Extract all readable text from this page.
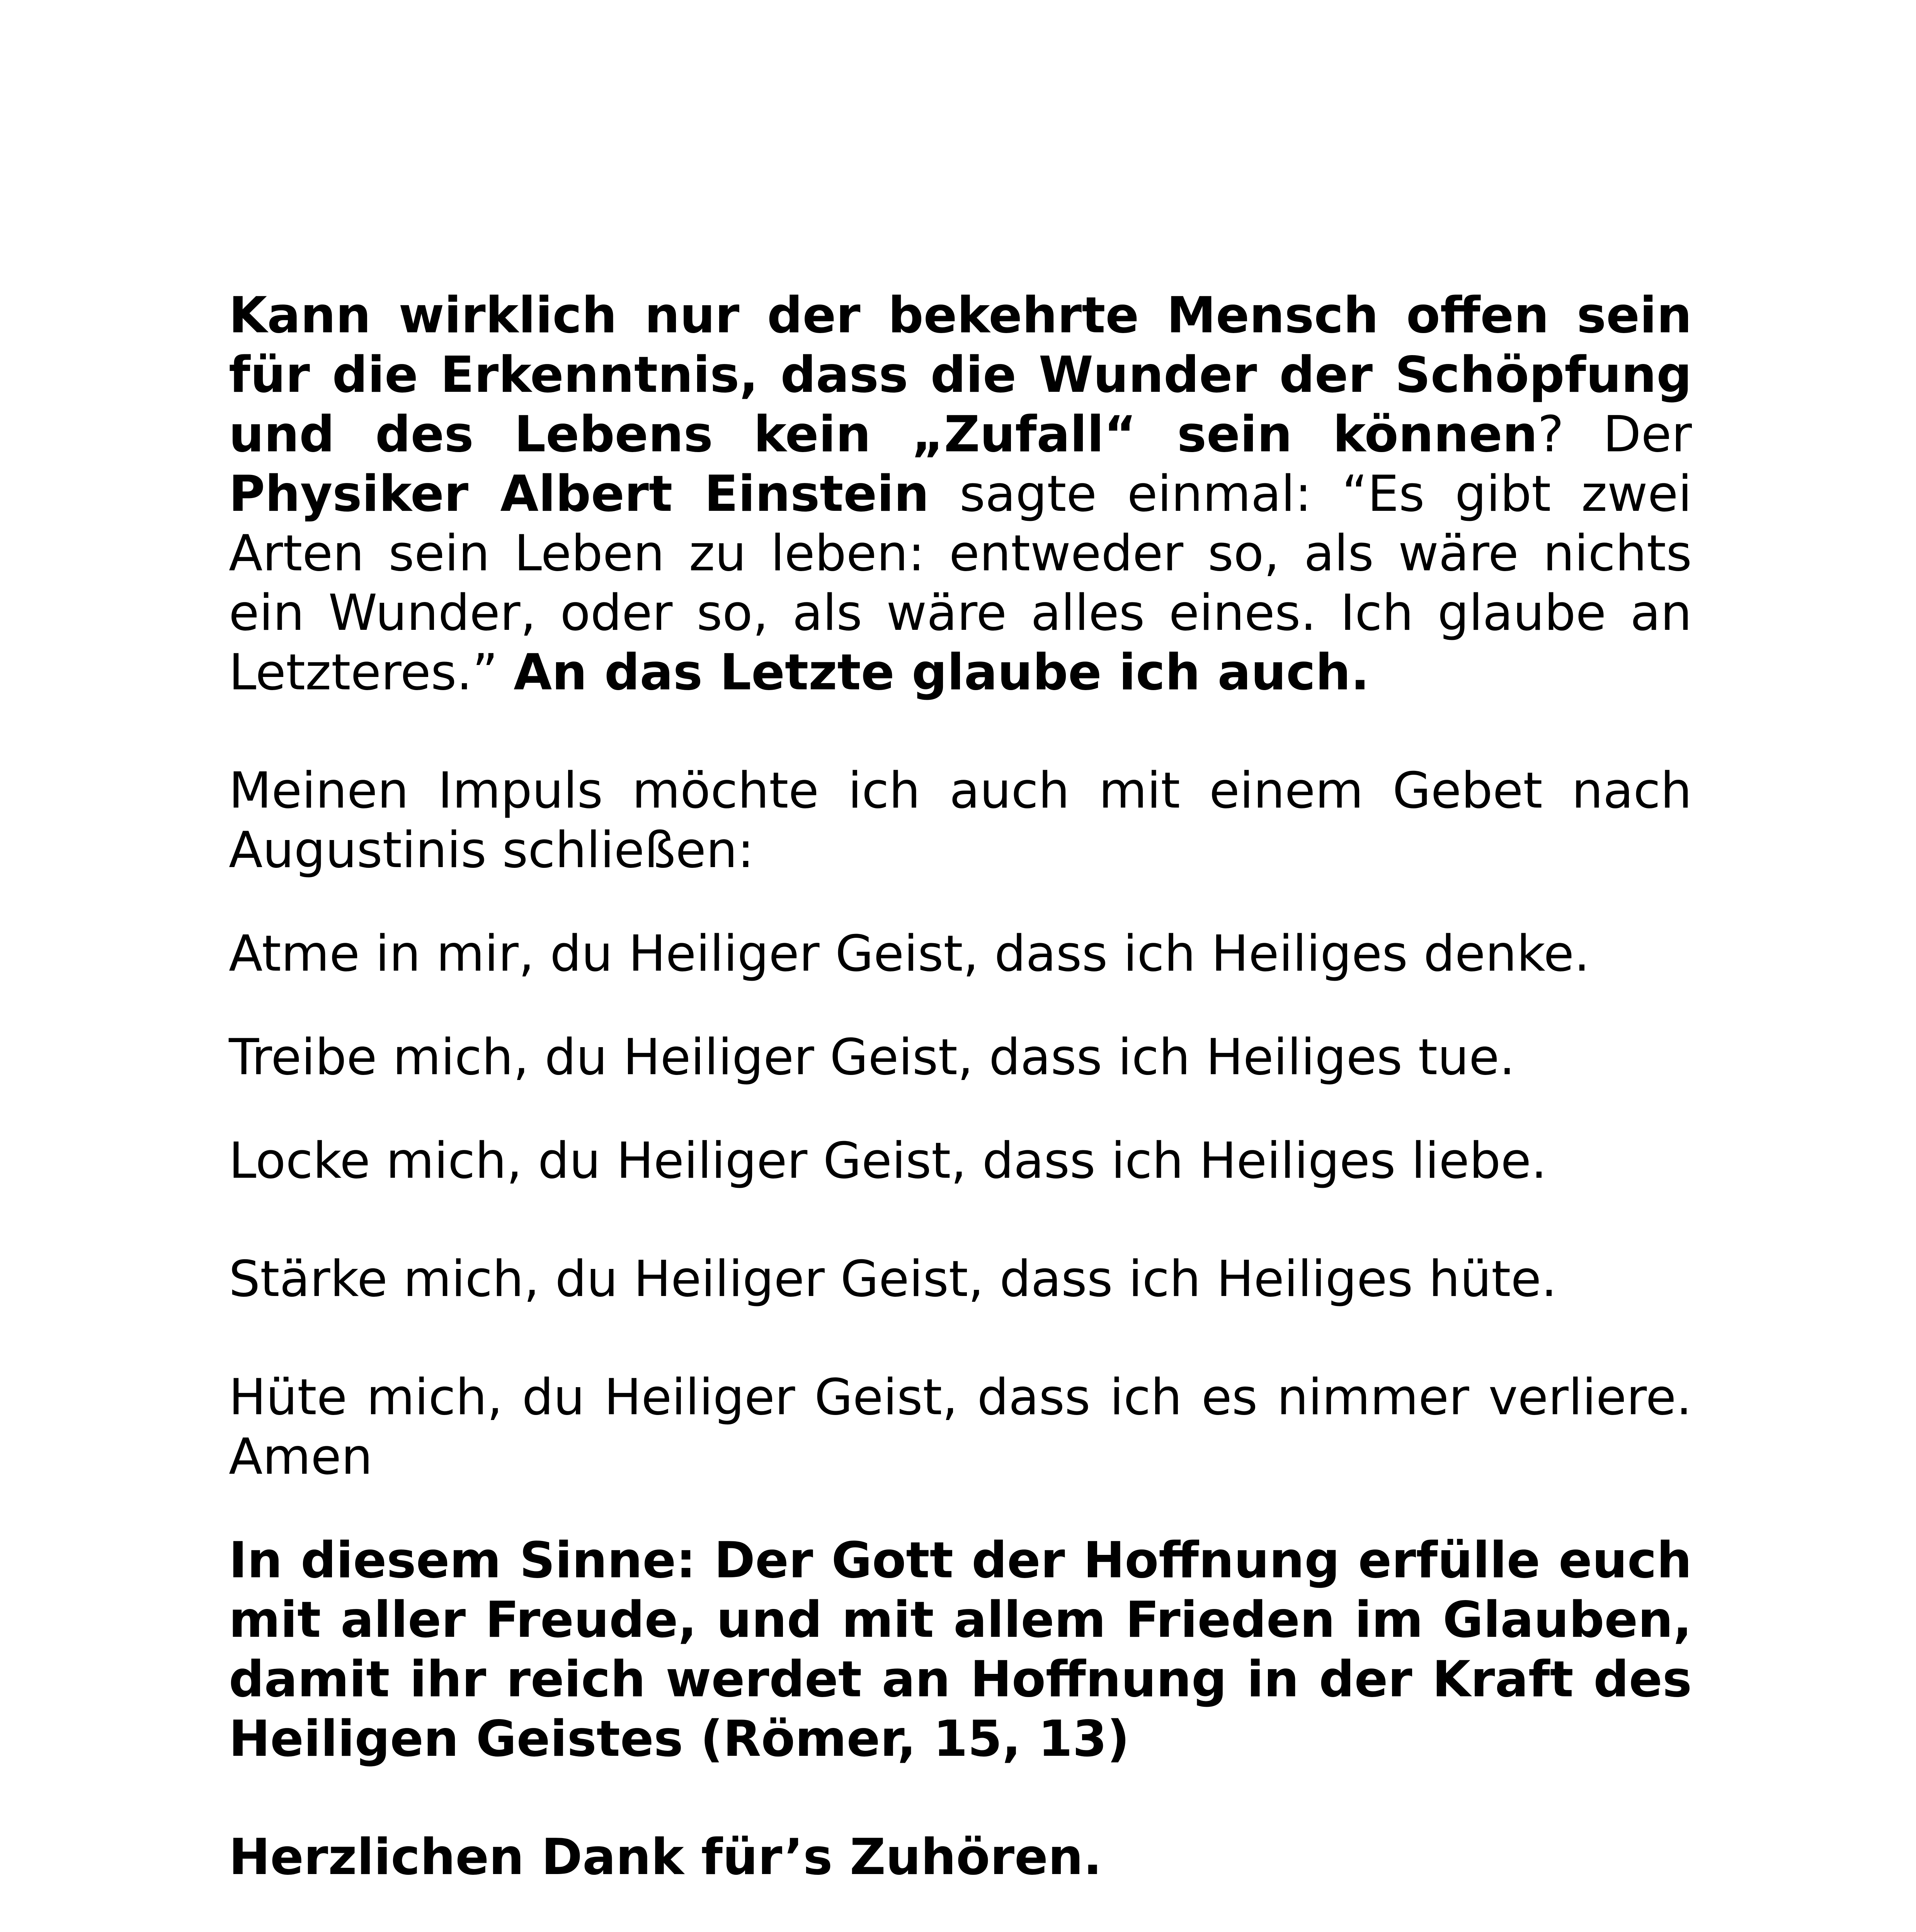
Kann wirklich nur der bekehrte Mensch offen sein für die Erkenntnis, dass die Wunder der Schöpfung und des Lebens kein „Zufall“ sein können? Der Physiker Albert Einstein sagte einmal: “Es gibt zwei Arten sein Leben zu leben: entweder so, als wäre nichts ein Wunder, oder so, als wäre alles eines. Ich glaube an Letzteres.” An das Letzte glaube ich auch.

Meinen Impuls möchte ich auch mit einem Gebet nach Augustinis schließen:

Atme in mir, du Heiliger Geist, dass ich Heiliges denke.

Treibe mich, du Heiliger Geist, dass ich Heiliges tue.

Locke mich, du Heiliger Geist, dass ich Heiliges liebe.

Stärke mich, du Heiliger Geist, dass ich Heiliges hüte.

Hüte mich, du Heiliger Geist, dass ich es nimmer verliere. Amen

In diesem Sinne: Der Gott der Hoffnung erfülle euch mit aller Freude, und mit allem Frieden im Glauben, damit ihr reich werdet an Hoffnung in der Kraft des Heiligen Geistes (Römer, 15, 13)

Herzlichen Dank für’s Zuhören.
